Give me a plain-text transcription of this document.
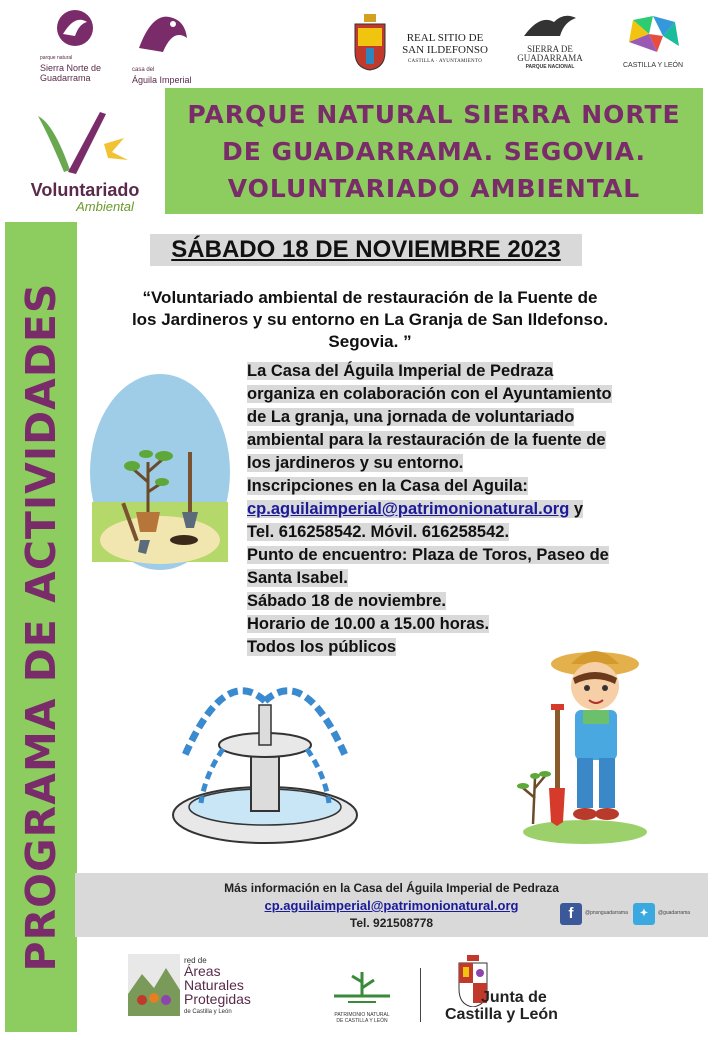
parque natural
Sierra Norte de
Guadarrama
casa del
Águila Imperial
REAL SITIO DE
SAN ILDEFONSO
CASTILLA · AYUNTAMIENTO
SIERRA DE
GUADARRAMA
PARQUE NACIONAL	CASTILLA Y LEÓN
Voluntariado
Ambiental
PARQUE NATURAL SIERRA NORTE
DE GUADARRAMA. SEGOVIA.
VOLUNTARIADO AMBIENTAL
PROGRAMA DE ACTIVIDADES
SÁBADO 18 DE NOVIEMBRE 2023
“Voluntariado ambiental de restauración de la Fuente de
los Jardineros y su entorno en La Granja de San Ildefonso.
Segovia. ”
La Casa del Águila Imperial de Pedraza
organiza en colaboración con el Ayuntamiento
de La granja, una jornada de voluntariado
ambiental para la restauración de la fuente de
los jardineros y su entorno.
Inscripciones en la Casa del Aguila:
cp.aguilaimperial@patrimonionatural.org y
Tel. 616258542. Móvil. 616258542.
Punto de encuentro: Plaza de Toros, Paseo de
Santa Isabel.
Sábado 18 de noviembre.
Horario de 10.00 a 15.00 horas.
Todos los públicos
Más información en la Casa del Águila Imperial de Pedraza
cp.aguilaimperial@patrimonionatural.org
Tel. 921508778
f	@pnsnguadarrama	✦	@guadarrama
red de
Áreas
Naturales
Protegidas
de Castilla y León	PATRIMONIO NATURAL
DE CASTILLA Y LEÓN
Junta de
Castilla y León
